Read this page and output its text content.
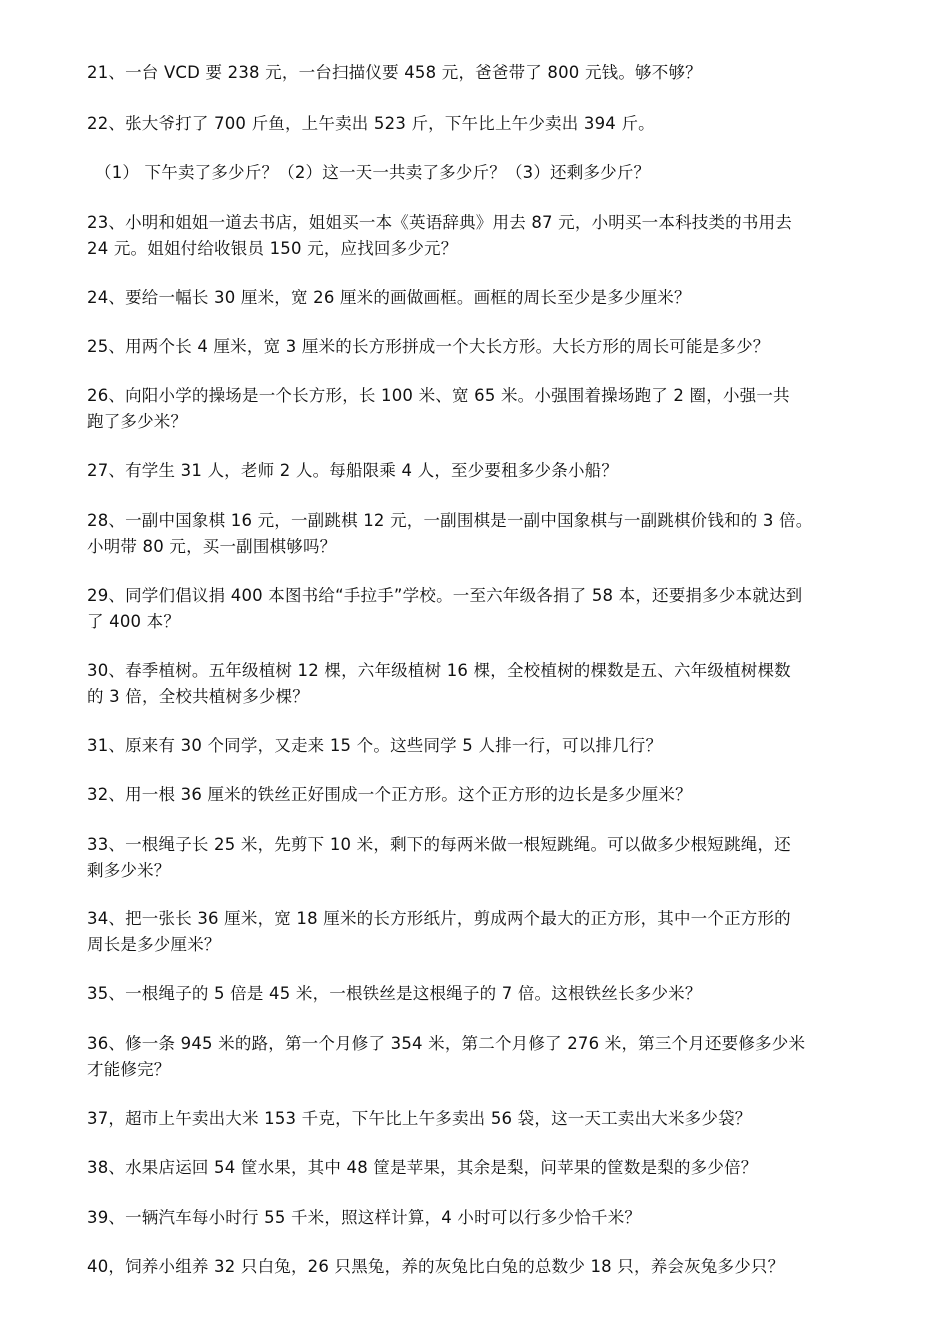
21、一台 VCD 要 238 元，一台扫描仪要 458 元，爸爸带了 800 元钱。够不够？
22、张大爷打了 700 斤鱼，上午卖出 523 斤，下午比上午少卖出 394 斤。
（1） 下午卖了多少斤？（2）这一天一共卖了多少斤？（3）还剩多少斤？
23、小明和姐姐一道去书店，姐姐买一本《英语辞典》用去 87 元，小明买一本科技类的书用去
24 元。姐姐付给收银员 150 元，应找回多少元？
24、要给一幅长 30 厘米，宽 26 厘米的画做画框。画框的周长至少是多少厘米？
25、用两个长 4 厘米，宽 3 厘米的长方形拼成一个大长方形。大长方形的周长可能是多少？
26、向阳小学的操场是一个长方形，长 100 米、宽 65 米。小强围着操场跑了 2 圈，小强一共
跑了多少米？
27、有学生 31 人，老师 2 人。每船限乘 4 人，至少要租多少条小船？
28、一副中国象棋 16 元，一副跳棋 12 元，一副围棋是一副中国象棋与一副跳棋价钱和的 3 倍。
小明带 80 元，买一副围棋够吗？
29、同学们倡议捐 400 本图书给“手拉手”学校。一至六年级各捐了 58 本，还要捐多少本就达到
了 400 本？
30、春季植树。五年级植树 12 棵，六年级植树 16 棵，全校植树的棵数是五、六年级植树棵数
的 3 倍，全校共植树多少棵？
31、原来有 30 个同学，又走来 15 个。这些同学 5 人排一行，可以排几行？
32、用一根 36 厘米的铁丝正好围成一个正方形。这个正方形的边长是多少厘米？
33、一根绳子长 25 米，先剪下 10 米，剩下的每两米做一根短跳绳。可以做多少根短跳绳，还
剩多少米？
34、把一张长 36 厘米，宽 18 厘米的长方形纸片，剪成两个最大的正方形，其中一个正方形的
周长是多少厘米？
35、一根绳子的 5 倍是 45 米，一根铁丝是这根绳子的 7 倍。这根铁丝长多少米？
36、修一条 945 米的路，第一个月修了 354 米，第二个月修了 276 米，第三个月还要修多少米
才能修完？
37，超市上午卖出大米 153 千克，下午比上午多卖出 56 袋，这一天工卖出大米多少袋？
38、水果店运回 54 筐水果，其中 48 筐是苹果，其余是梨，问苹果的筐数是梨的多少倍？
39、一辆汽车每小时行 55 千米，照这样计算，4 小时可以行多少恰千米？
40，饲养小组养 32 只白兔，26 只黑兔，养的灰兔比白兔的总数少 18 只，养会灰兔多少只？
